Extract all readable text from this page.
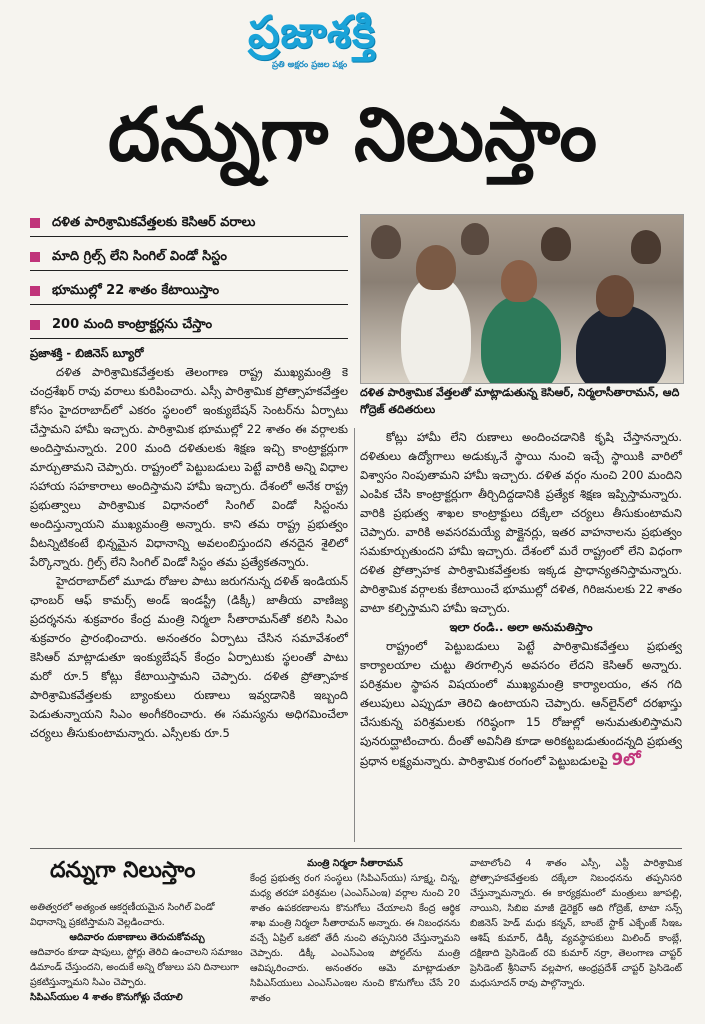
ప్రజాశక్తి
ప్రతి అక్షరం ప్రజల పక్షం
దన్నుగా నిలుస్తాం
దళిత పారిశ్రామికవేత్తలకు కెసిఆర్ వరాలు
మాది గ్రిల్స్ లేని సింగిల్ విండో సిస్టం
భూముల్లో 22 శాతం కేటాయిస్తాం
200 మంది కాంట్రాక్టర్లను చేస్తాం
దళిత పారిశ్రామిక వేత్తలతో మాట్లాడుతున్న కెసిఆర్, నిర్మలాసీతారామన్, ఆది గోద్రెజ్ తదితరులు

ప్రజాశక్తి - బిజినెస్ బ్యూరో

దళిత పారిశ్రామికవేత్తలకు తెలంగాణ రాష్ట్ర ముఖ్యమంత్రి కె చంద్రశేఖర్ రావు వరాలు కురిపించారు. ఎస్సీ పారిశ్రామిక ప్రోత్సాహకవేత్తల కోసం హైదరాబాద్‌లో ఎకరం స్థలంలో ఇంక్యుబేషన్ సెంటర్‌ను ఏర్పాటు చేస్తామని హామీ ఇచ్చారు. పారిశ్రామిక భూముల్లో 22 శాతం ఈ వర్గాలకు అందిస్తామన్నారు. 200 మంది దళితులకు శిక్షణ ఇచ్చి కాంట్రాక్టర్లుగా మార్చుతామని చెప్పారు. రాష్ట్రంలో పెట్టుబడులు పెట్టే వారికి అన్ని విధాల సహాయ సహకారాలు అందిస్తామని హామీ ఇచ్చారు. దేశంలో అనేక రాష్ట్ర ప్రభుత్వాలు పారిశ్రామిక విధానంలో సింగిల్ విండో సిస్టంను అందిస్తున్నాయని ముఖ్యమంత్రి అన్నారు. కాని తమ రాష్ట్ర ప్రభుత్వం వీటన్నిటికంటే భిన్నమైన విధానాన్ని అవలంబిస్తుందని తనదైన శైలిలో పేర్కొన్నారు. గ్రిల్స్ లేని సింగిల్ విండో సిస్టం తమ ప్రత్యేకతన్నారు.

హైదరాబాద్‌లో మూడు రోజుల పాటు జరుగనున్న దళిత్ ఇండియన్ ఛాంబర్ ఆఫ్ కామర్స్ అండ్ ఇండస్ట్రీ (డిక్కీ) జాతీయ వాణిజ్య ప్రదర్శనను శుక్రవారం కేంద్ర మంత్రి నిర్మలా సీతారామన్‌తో కలిసి సిఎం శుక్రవారం ప్రారంభించారు. అనంతరం ఏర్పాటు చేసిన సమావేశంలో కెసిఆర్ మాట్లాడుతూ ఇంక్యుబేషన్ కేంద్రం ఏర్పాటుకు స్థలంతో పాటు మరో రూ.5 కోట్లు కేటాయిస్తామని చెప్పారు. దళిత ప్రోత్సాహక పారిశ్రామికవేత్తలకు బ్యాంకులు రుణాలు ఇవ్వడానికి ఇబ్బంది పెడుతున్నాయని సిఎం అంగీకరించారు. ఈ సమస్యను అధిగమించేలా చర్యలు తీసుకుంటామన్నారు. ఎస్సీలకు రూ.5

కోట్లు హామీ లేని రుణాలు అందించడానికి కృషి చేస్తానన్నారు. దళితులు ఉద్యోగాలు అడుక్కునే స్థాయి నుంచి ఇచ్చే స్థాయికి వారిలో విశ్వాసం నింపుతామని హామీ ఇచ్చారు. దళిత వర్గం నుంచి 200 మందిని ఎంపిక చేసి కాంట్రాక్టర్లుగా తీర్చిదిద్దడానికి ప్రత్యేక శిక్షణ ఇప్పిస్తామన్నారు. వారికి ప్రభుత్వ శాఖల కాంట్రాక్టులు దక్కేలా చర్యలు తీసుకుంటామని చెప్పారు. వారికి అవసరమయ్యే పొక్లైనర్లు, ఇతర వాహనాలను ప్రభుత్వం సమకూర్చుతుందని హామీ ఇచ్చారు. దేశంలో మరే రాష్ట్రంలో లేని విధంగా దళిత ప్రోత్సాహక పారిశ్రామికవేత్తలకు ఇక్కడ ప్రాధాన్యతనిస్తామన్నారు. పారిశ్రామిక వర్గాలకు కేటాయించే భూముల్లో దళిత, గిరిజనులకు 22 శాతం వాటా కల్పిస్తామని హామీ ఇచ్చారు.

ఇలా రండి.. అలా అనుమతిస్తాం

రాష్ట్రంలో పెట్టుబడులు పెట్టే పారిశ్రామికవేత్తలు ప్రభుత్వ కార్యాలయాల చుట్టు తిరగాల్సిన అవసరం లేదని కెసిఆర్ అన్నారు. పరిశ్రమల స్థాపన విషయంలో ముఖ్యమంత్రి కార్యాలయం, తన గది తలుపులు ఎప్పుడూ తెరిచి ఉంటాయని చెప్పారు. ఆన్‌లైన్‌లో దరఖాస్తు చేసుకున్న పరిశ్రమలకు గరిష్ఠంగా 15 రోజుల్లో అనుమతులిస్తామని పునరుద్ఘాటించారు. దీంతో అవినీతి కూడా అరికట్టబడుతుందన్నది ప్రభుత్వ ప్రధాన లక్ష్యమన్నారు. పారిశ్రామిక రంగంలో పెట్టుబడులపై 9లో

దన్నుగా నిలుస్తాం
అతిత్వరలో అత్యంత ఆకర్షణీయమైన సింగిల్ విండో విధానాన్ని ప్రకటిస్తామని వెల్లడించారు.
ఆదివారం దుకాణాలు తెరుచుకోవచ్చు
ఆదివారం కూడా షాపులు, స్టోర్లు తెరిచి ఉంచాలని సమాజం డిమాండ్ చేస్తుందని, అందుకే అన్ని రోజులు పని దినాలుగా ప్రకటిస్తున్నామని సిఎం చెప్పారు.
సిపిఎస్‌యుల 4 శాతం కొనుగోళ్లు చేయాలి
మంత్రి నిర్మలా సీతారామన్
కేంద్ర ప్రభుత్వ రంగ సంస్థలు (సిపిఎస్‌యు) సూక్ష్మ, చిన్న, మధ్య తరహా పరిశ్రమల (ఎంఎస్ఎంఇ) వర్గాల నుంచి 20 శాతం ఉపకరణాలను కొనుగోలు చేయాలని కేంద్ర ఆర్థిక శాఖ మంత్రి నిర్మలా సీతారామన్ అన్నారు. ఈ నిబంధనను వచ్చే ఏప్రిల్ ఒకటో తేదీ నుంచి తప్పనిసరి చేస్తున్నామని చెప్పారు. డిక్కీ ఎంఎస్ఎంఇ పోర్టల్‌ను మంత్రి ఆవిష్కరించారు. అనంతరం ఆమె మాట్లాడుతూ సిపిఎస్‌యులు ఎంఎస్ఎంఇల నుంచి కొనుగోలు చేసే 20 శాతం
వాటాలోంచి 4 శాతం ఎస్సీ, ఎస్టీ పారిశ్రామిక ప్రోత్సాహకవేత్తలకు దక్కేలా నిబంధనను తప్పనిసరి చేస్తున్నామన్నారు. ఈ కార్యక్రమంలో మంత్రులు జూపల్లి, నాయిని, సిబిఐ మాజీ డైరెక్టర్ ఆది గోద్రెజ్, టాటా సన్స్ బిజినెస్ హెడ్ మధు కన్నన్, బాంబే స్టాక్ ఎక్ఛేంజ్ సిఇఒ ఆశిష్ కుమార్, డిక్కీ వ్యవస్థాపకులు మిలింద్ కాంబ్లే, దక్షిణాది ప్రెసిడెంట్ రవి కుమార్ నర్రా, తెలంగాణ చాప్టర్ ప్రెసిడెంట్ శ్రీనివాస్ వల్లపాగ, ఆంధ్రప్రదేశ్ చాప్టర్ ప్రెసిడెంట్ మధుసూదన్ రావు పాల్గొన్నారు.
